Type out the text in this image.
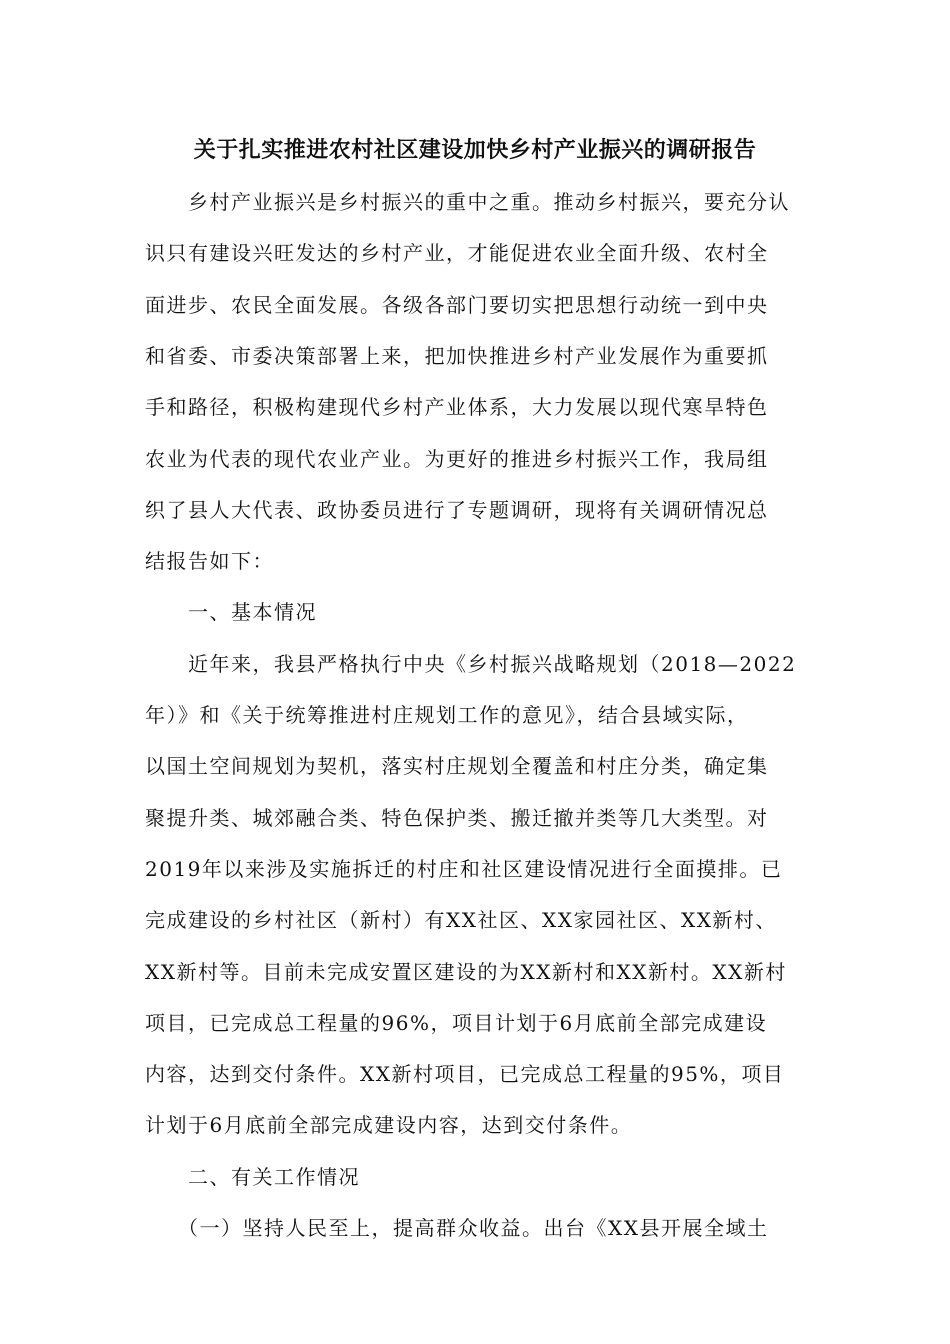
关于扎实推进农村社区建设加快乡村产业振兴的调研报告
　　乡村产业振兴是乡村振兴的重中之重。推动乡村振兴，要充分认
识只有建设兴旺发达的乡村产业，才能促进农业全面升级、农村全
面进步、农民全面发展。各级各部门要切实把思想行动统一到中央
和省委、市委决策部署上来，把加快推进乡村产业发展作为重要抓
手和路径，积极构建现代乡村产业体系，大力发展以现代寒旱特色
农业为代表的现代农业产业。为更好的推进乡村振兴工作，我局组
织了县人大代表、政协委员进行了专题调研，现将有关调研情况总
结报告如下：
　　一、基本情况
　　近年来，我县严格执行中央《乡村振兴战略规划（2018—2022
年）》和《关于统筹推进村庄规划工作的意见》，结合县域实际，
以国土空间规划为契机，落实村庄规划全覆盖和村庄分类，确定集
聚提升类、城郊融合类、特色保护类、搬迁撤并类等几大类型。对
2019年以来涉及实施拆迁的村庄和社区建设情况进行全面摸排。已
完成建设的乡村社区（新村）有XX社区、XX家园社区、XX新村、
XX新村等。目前未完成安置区建设的为XX新村和XX新村。XX新村
项目，已完成总工程量的96%，项目计划于6月底前全部完成建设
内容，达到交付条件。XX新村项目，已完成总工程量的95%，项目
计划于6月底前全部完成建设内容，达到交付条件。
　　二、有关工作情况
　　（一）坚持人民至上，提高群众收益。出台《XX县开展全域土
